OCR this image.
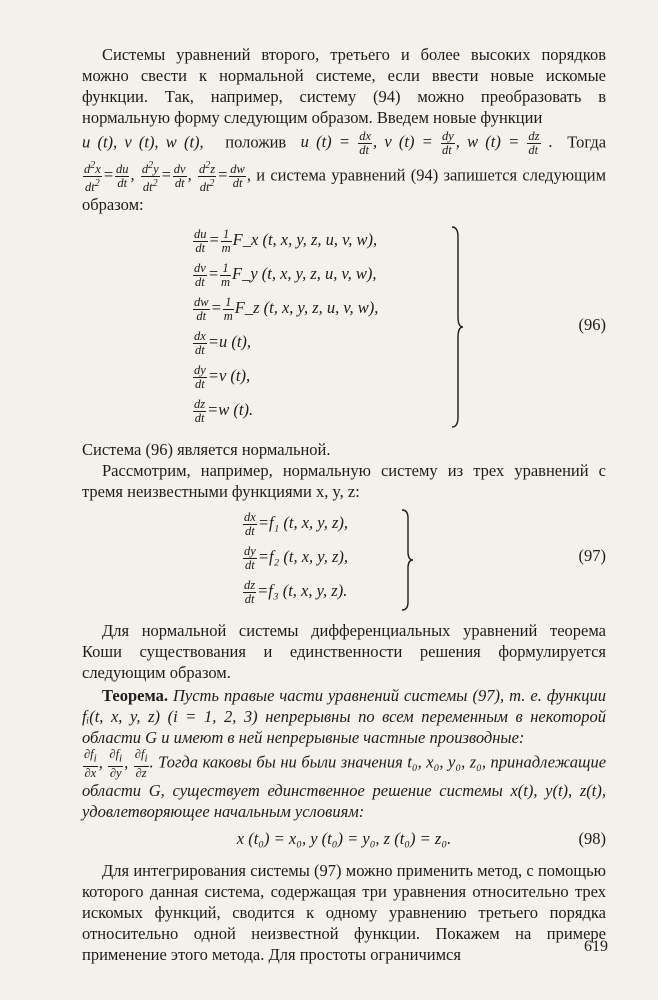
Системы уравнений второго, третьего и более высоких порядков можно свести к нормальной системе, если ввести новые искомые функции. Так, например, систему (94) можно преобразовать в нормальную форму следующим образом. Введем новые функции

u (t), v (t), w (t), положив u $(t) = \frac{dx}{dt}$ , v $(t) = \frac{dy}{dt}$ , w $(t) = \frac{dz}{dt}$ . Тогда

$\frac{d^2x}{dt^2} = \frac{du}{dt}$ , $\frac{d^2y}{dt^2} = \frac{dv}{dt}$ , $\frac{d^2z}{dt^2} = \frac{dw}{dt}$ , и система уравнений (94) запишется следующим образом:

$\frac{du}{dt} = \frac{1}{m}$ F_x (t, x, y, z, u, v, w),
$\frac{dv}{dt} = \frac{1}{m}$ F_y (t, x, y, z, u, v, w),
$\frac{dw}{dt} = \frac{1}{m}$ F_z (t, x, y, z, u, v, w),
$\frac{dx}{dt} =u$ (t),
$\frac{dy}{dt} =v$ (t),
$\frac{dz}{dt} =w$ (t).
(96)

Система (96) является нормальной.

Рассмотрим, например, нормальную систему из трех уравнений с тремя неизвестными функциями x, y, z:

$\frac{dx}{dt} =f_1$ (t, x, y, z),
$\frac{dy}{dt} =f_2$ (t, x, y, z),
$\frac{dz}{dt} =f_3$ (t, x, y, z).
(97)

Для нормальной системы дифференциальных уравнений теорема Коши существования и единственности решения формулируется следующим образом.

Теорема. Пусть правые части уравнений системы (97), т. е. функции fᵢ(t, x, y, z) (i = 1, 2, 3) непрерывны по всем переменным в некоторой области G и имеют в ней непрерывные частные производные:

$\frac{\partial f_i}{\partial x}$ , $\frac{\partial f_i}{\partial y}$ , $\frac{\partial f_i}{\partial z}$ . Тогда каковы бы ни были значения t₀, x₀, y₀, z₀, принадлежащие области G, существует единственное решение системы x(t), y(t), z(t), удовлетворяющее начальным условиям:

x (t₀) = x₀, y (t₀) = y₀, z (t₀) = z₀.	(98)

Для интегрирования системы (97) можно применить метод, с помощью которого данная система, содержащая три уравнения относительно трех искомых функций, сводится к одному уравнению третьего порядка относительно одной неизвестной функции. Покажем на примере применение этого метода. Для простоты ограничимся	619
